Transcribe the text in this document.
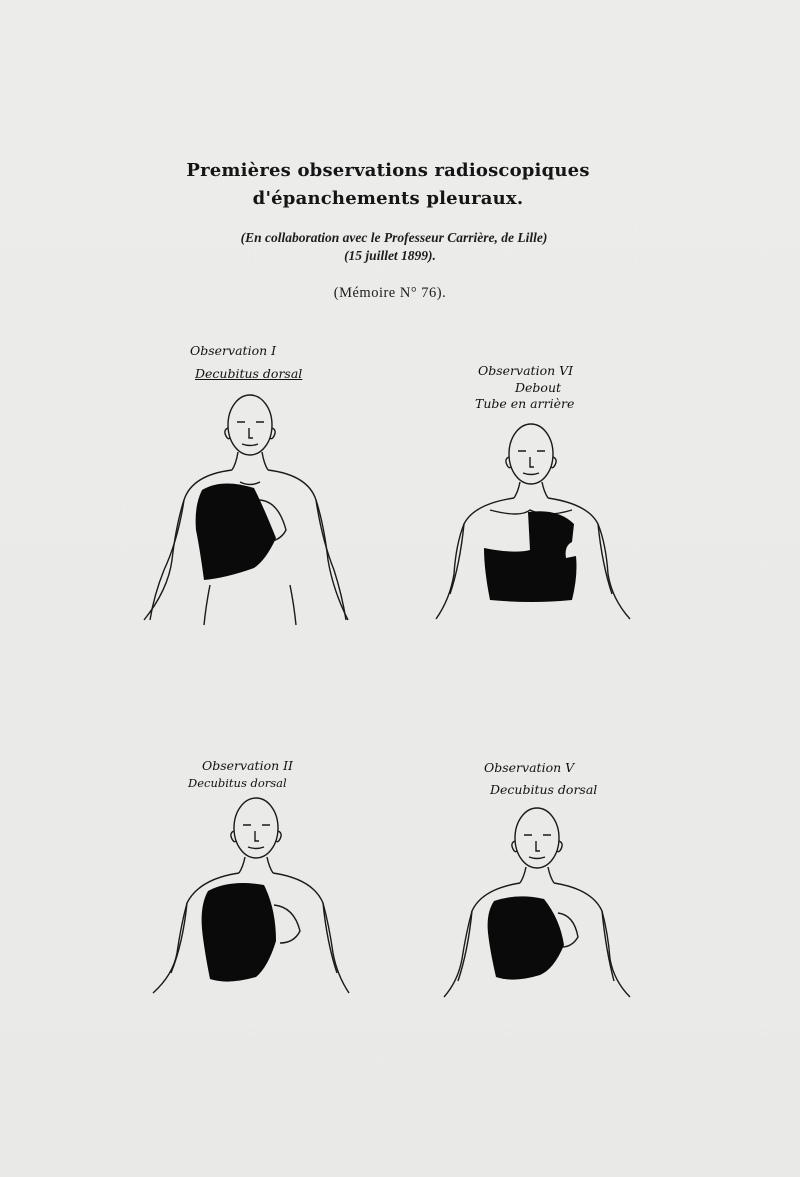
Premières observations radioscopiques
d'épanchements pleuraux.
(En collaboration avec le Professeur Carrière, de Lille)
(15 juillet 1899).
(Mémoire N° 76).
Observation I
Decubitus dorsal	Observation VI
Debout
Tube en arrière
Observation II
Decubitus dorsal
Observation V
Decubitus dorsal
